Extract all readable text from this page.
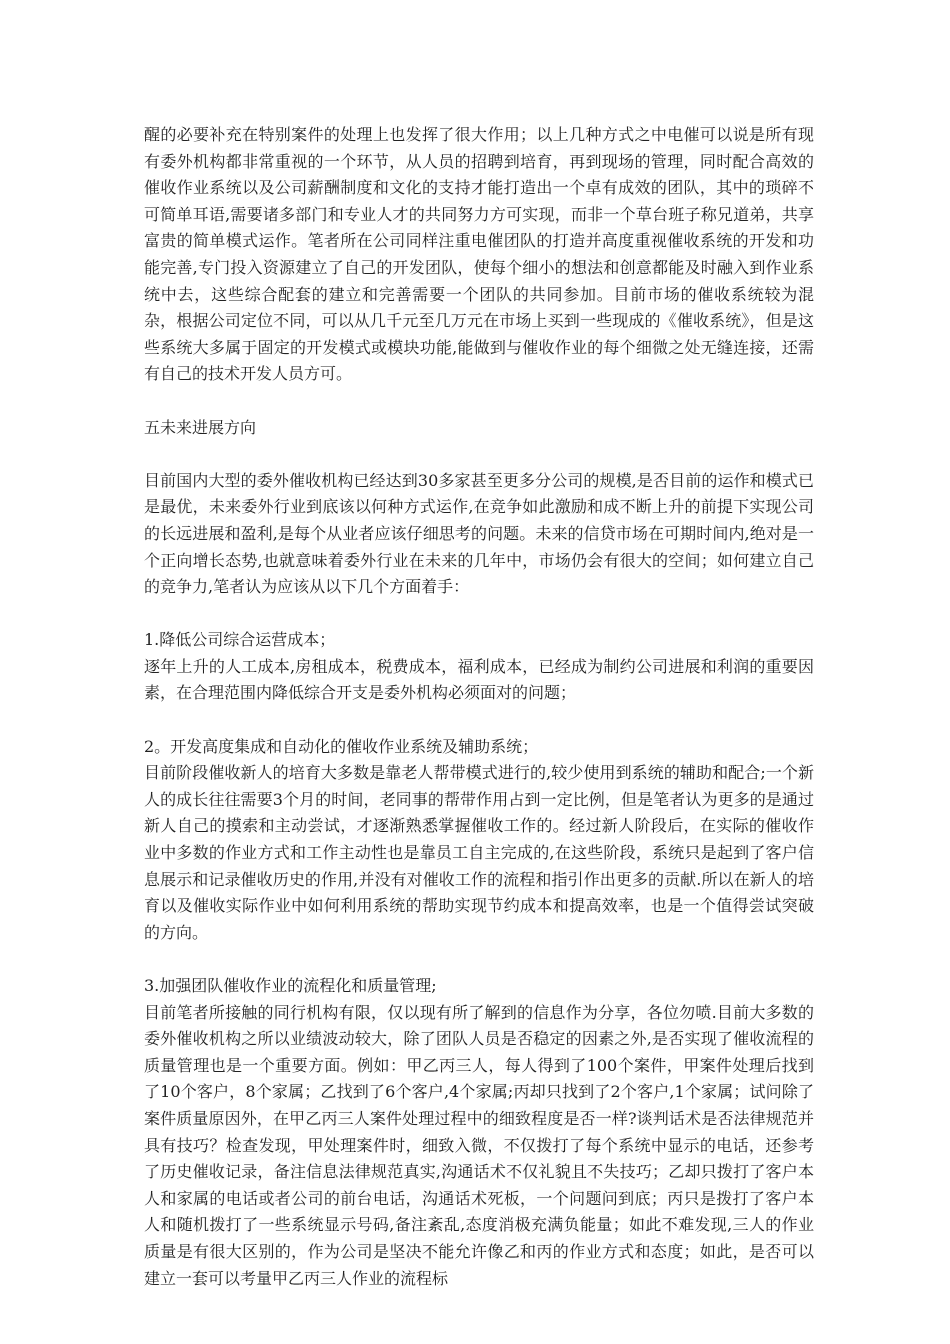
醒的必要补充在特别案件的处理上也发挥了很大作用；以上几种方式之中电催可以说是所有现有委外机构都非常重视的一个环节，从人员的招聘到培育，再到现场的管理，同时配合高效的催收作业系统以及公司薪酬制度和文化的支持才能打造出一个卓有成效的团队，其中的琐碎不可简单耳语,需要诸多部门和专业人才的共同努力方可实现，而非一个草台班子称兄道弟，共享富贵的简单模式运作。笔者所在公司同样注重电催团队的打造并高度重视催收系统的开发和功能完善,专门投入资源建立了自己的开发团队，使每个细小的想法和创意都能及时融入到作业系统中去，这些综合配套的建立和完善需要一个团队的共同参加。目前市场的催收系统较为混杂，根据公司定位不同，可以从几千元至几万元在市场上买到一些现成的《催收系统》，但是这些系统大多属于固定的开发模式或模块功能,能做到与催收作业的每个细微之处无缝连接，还需有自己的技术开发人员方可。

五未来进展方向

目前国内大型的委外催收机构已经达到30多家甚至更多分公司的规模,是否目前的运作和模式已是最优，未来委外行业到底该以何种方式运作,在竞争如此激励和成不断上升的前提下实现公司的长远进展和盈利,是每个从业者应该仔细思考的问题。未来的信贷市场在可期时间内,绝对是一个正向增长态势,也就意味着委外行业在未来的几年中，市场仍会有很大的空间；如何建立自己的竞争力,笔者认为应该从以下几个方面着手：

1.降低公司综合运营成本；

逐年上升的人工成本,房租成本，税费成本，福利成本，已经成为制约公司进展和利润的重要因素，在合理范围内降低综合开支是委外机构必须面对的问题；

2。开发高度集成和自动化的催收作业系统及辅助系统；

目前阶段催收新人的培育大多数是靠老人帮带模式进行的,较少使用到系统的辅助和配合;一个新人的成长往往需要3个月的时间，老同事的帮带作用占到一定比例，但是笔者认为更多的是通过新人自己的摸索和主动尝试，才逐渐熟悉掌握催收工作的。经过新人阶段后，在实际的催收作业中多数的作业方式和工作主动性也是靠员工自主完成的,在这些阶段，系统只是起到了客户信息展示和记录催收历史的作用,并没有对催收工作的流程和指引作出更多的贡献.所以在新人的培育以及催收实际作业中如何利用系统的帮助实现节约成本和提高效率，也是一个值得尝试突破的方向。

3.加强团队催收作业的流程化和质量管理;

目前笔者所接触的同行机构有限，仅以现有所了解到的信息作为分享，各位勿喷.目前大多数的委外催收机构之所以业绩波动较大，除了团队人员是否稳定的因素之外,是否实现了催收流程的质量管理也是一个重要方面。例如：甲乙丙三人，每人得到了100个案件，甲案件处理后找到了10个客户，8个家属；乙找到了6个客户,4个家属;丙却只找到了2个客户,1个家属；试问除了案件质量原因外，在甲乙丙三人案件处理过程中的细致程度是否一样?谈判话术是否法律规范并具有技巧？检查发现，甲处理案件时，细致入微，不仅拨打了每个系统中显示的电话，还参考了历史催收记录，备注信息法律规范真实,沟通话术不仅礼貌且不失技巧；乙却只拨打了客户本人和家属的电话或者公司的前台电话，沟通话术死板，一个问题问到底；丙只是拨打了客户本人和随机拨打了一些系统显示号码,备注紊乱,态度消极充满负能量；如此不难发现,三人的作业质量是有很大区别的，作为公司是坚决不能允许像乙和丙的作业方式和态度；如此，是否可以建立一套可以考量甲乙丙三人作业的流程标
